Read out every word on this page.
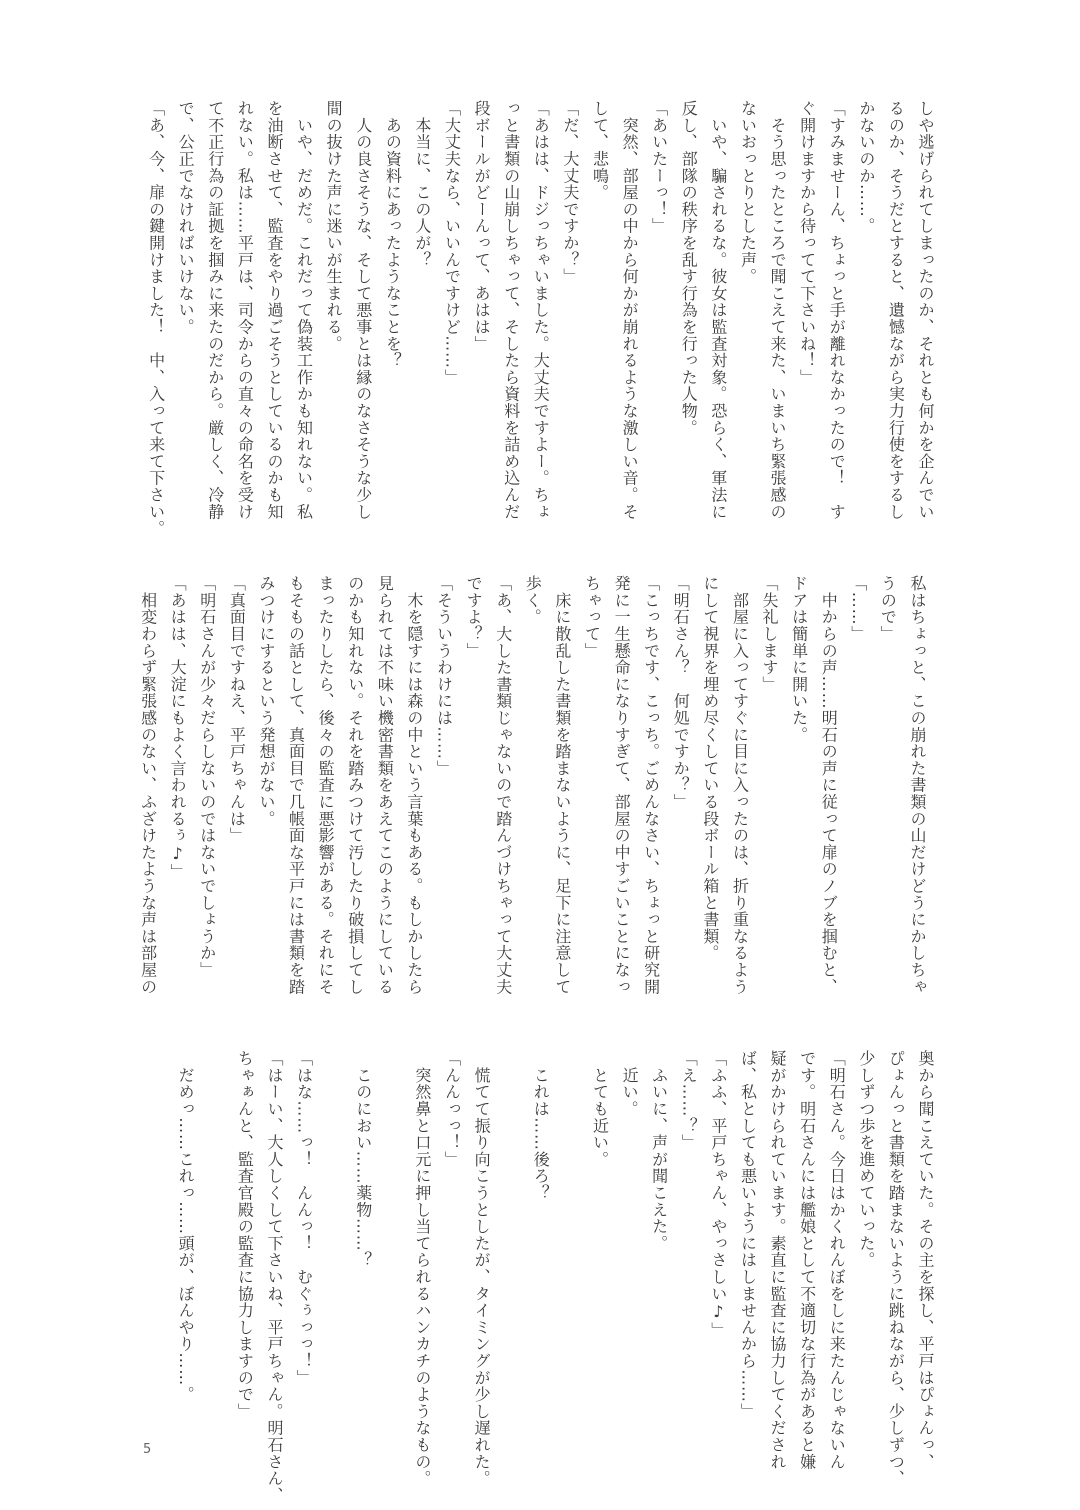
しや逃げられてしまったのか、それとも何かを企んでい
るのか、そうだとすると、遺憾ながら実力行使をするし
かないのか……。
「すみませーん、ちょっと手が離れなかったので！　す
ぐ開けますから待ってて下さいね！」
　そう思ったところで聞こえて来た、いまいち緊張感の
ないおっとりとした声。
　いや、騙されるな。彼女は監査対象。恐らく、軍法に
反し、部隊の秩序を乱す行為を行った人物。
「あいたーっ！」
　突然、部屋の中から何かが崩れるような激しい音。そ
して、悲鳴。
「だ、大丈夫ですか？」
「あはは、ドジっちゃいました。大丈夫ですよー。ちょ
っと書類の山崩しちゃって、そしたら資料を詰め込んだ
段ボールがどーんって、あはは」
「大丈夫なら、いいんですけど……」
　本当に、この人が？
　あの資料にあったようなことを？
　人の良さそうな、そして悪事とは縁のなさそうな少し
間の抜けた声に迷いが生まれる。
　いや、だめだ。これだって偽装工作かも知れない。私
を油断させて、監査をやり過ごそうとしているのかも知
れない。私は……平戸は、司令からの直々の命名を受け
て不正行為の証拠を掴みに来たのだから。厳しく、冷静
で、公正でなければいけない。
「あ、今、扉の鍵開けました！　中、入って来て下さい。
私はちょっと、この崩れた書類の山だけどうにかしちゃ
うので」
「……」
　中からの声……明石の声に従って扉のノブを掴むと、
ドアは簡単に開いた。
「失礼します」
　部屋に入ってすぐに目に入ったのは、折り重なるよう
にして視界を埋め尽くしている段ボール箱と書類。
「明石さん？　何処ですか？」
「こっちです、こっち。ごめんなさい、ちょっと研究開
発に一生懸命になりすぎて、部屋の中すごいことになっ
ちゃって」
　床に散乱した書類を踏まないように、足下に注意して
歩く。
「あ、大した書類じゃないので踏んづけちゃって大丈夫
ですよ？」
「そういうわけには……」
　木を隠すには森の中という言葉もある。もしかしたら
見られては不味い機密書類をあえてこのようにしている
のかも知れない。それを踏みつけて汚したり破損してし
まったりしたら、後々の監査に悪影響がある。それにそ
もそもの話として、真面目で几帳面な平戸には書類を踏
みつけにするという発想がない。
「真面目ですねえ、平戸ちゃんは」
「明石さんが少々だらしないのではないでしょうか」
「あはは、大淀にもよく言われるぅ♪」
　相変わらず緊張感のない、ふざけたような声は部屋の
奥から聞こえていた。その主を探し、平戸はぴょんっ、
ぴょんっと書類を踏まないように跳ねながら、少しずつ、
少しずつ歩を進めていった。
「明石さん。今日はかくれんぼをしに来たんじゃないん
です。明石さんには艦娘として不適切な行為があると嫌
疑がかけられています。素直に監査に協力してくだされ
ば、私としても悪いようにはしませんから……」
「ふふ、平戸ちゃん、やっさしい♪」
「え……？」
　ふいに、声が聞こえた。
　近い。
　とても近い。
　これは……後ろ？
　慌てて振り向こうとしたが、タイミングが少し遅れた。
「んんっっ！」
　突然鼻と口元に押し当てられるハンカチのようなもの。
　このにおい……薬物……？
「はな……っ！　んんっ！　むぐぅっっ！」
「はーい、大人しくして下さいね、平戸ちゃん。明石さん、
ちゃぁんと、監査官殿の監査に協力しますので」
　だめっ……これっ……頭が、ぼんやり……。
5
